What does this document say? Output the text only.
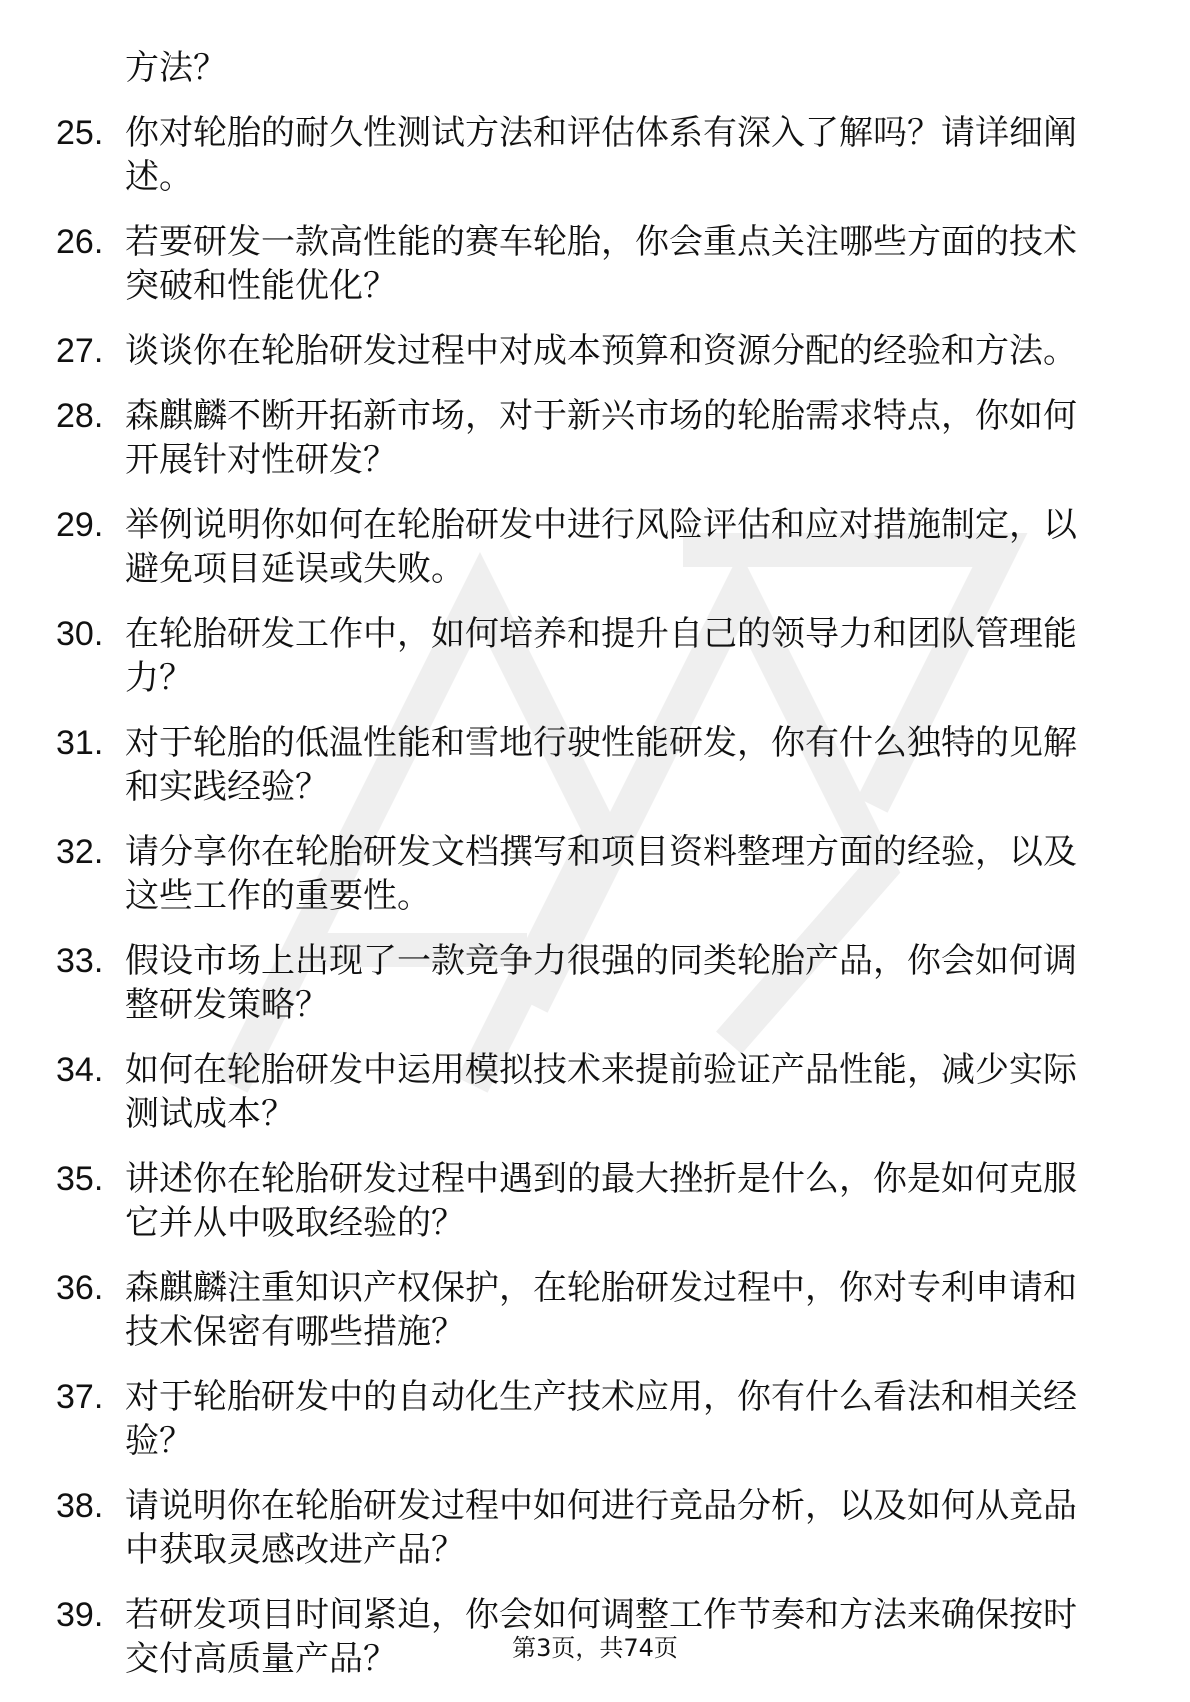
方法？
25. 你对轮胎的耐久性测试方法和评估体系有深入了解吗？请详细阐述。
26. 若要研发一款高性能的赛车轮胎，你会重点关注哪些方面的技术突破和性能优化？
27. 谈谈你在轮胎研发过程中对成本预算和资源分配的经验和方法。
28. 森麒麟不断开拓新市场，对于新兴市场的轮胎需求特点，你如何开展针对性研发？
29. 举例说明你如何在轮胎研发中进行风险评估和应对措施制定，以避免项目延误或失败。
30. 在轮胎研发工作中，如何培养和提升自己的领导力和团队管理能力？
31. 对于轮胎的低温性能和雪地行驶性能研发，你有什么独特的见解和实践经验？
32. 请分享你在轮胎研发文档撰写和项目资料整理方面的经验，以及这些工作的重要性。
33. 假设市场上出现了一款竞争力很强的同类轮胎产品，你会如何调整研发策略？
34. 如何在轮胎研发中运用模拟技术来提前验证产品性能，减少实际测试成本？
35. 讲述你在轮胎研发过程中遇到的最大挫折是什么，你是如何克服它并从中吸取经验的？
36. 森麒麟注重知识产权保护，在轮胎研发过程中，你对专利申请和技术保密有哪些措施？
37. 对于轮胎研发中的自动化生产技术应用，你有什么看法和相关经验？
38. 请说明你在轮胎研发过程中如何进行竞品分析，以及如何从竞品中获取灵感改进产品？
39. 若研发项目时间紧迫，你会如何调整工作节奏和方法来确保按时交付高质量产品？	第3页，共74页
